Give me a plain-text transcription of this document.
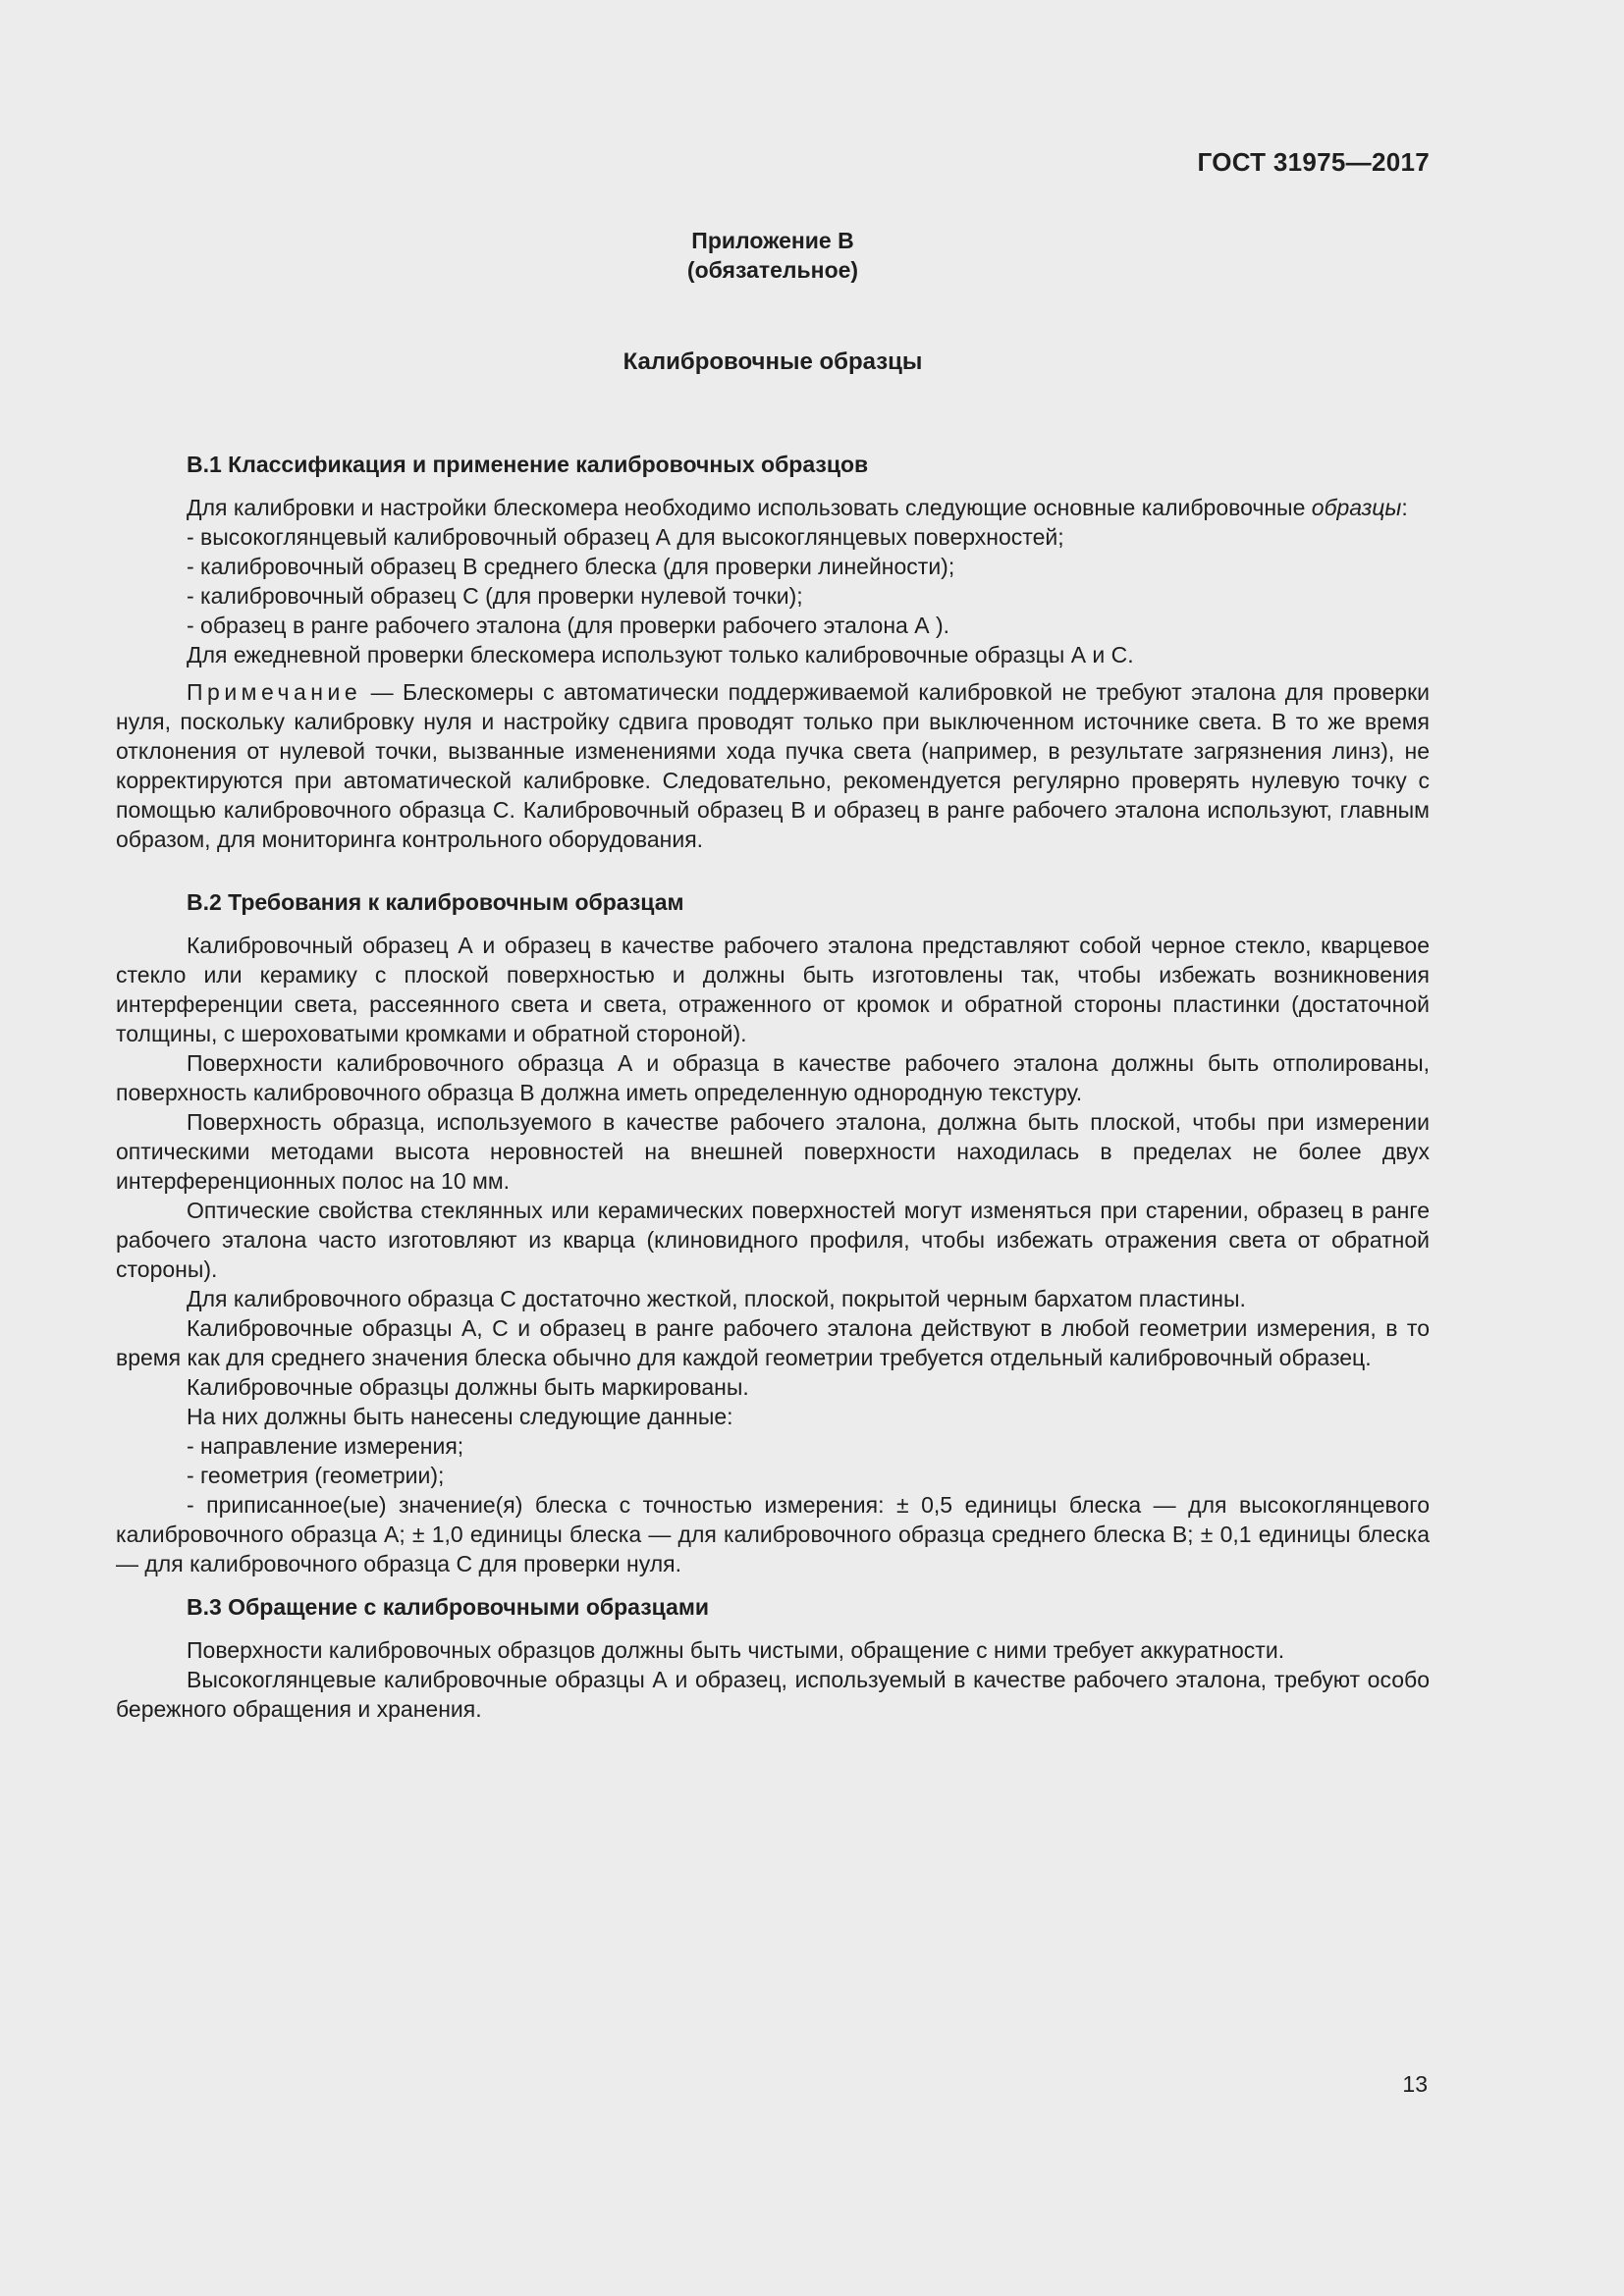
ГОСТ 31975—2017
Приложение В
(обязательное)
Калибровочные образцы
В.1 Классификация и применение калибровочных образцов

Для калибровки и настройки блескомера необходимо использовать следующие основные калибровочные образцы:

- высокоглянцевый калибровочный образец А для высокоглянцевых поверхностей;

- калибровочный образец В среднего блеска (для проверки линейности);

- калибровочный образец С (для проверки нулевой точки);

- образец в ранге рабочего эталона (для проверки рабочего эталона А ).

Для ежедневной проверки блескомера используют только калибровочные образцы А и С.

Примечание — Блескомеры с автоматически поддерживаемой калибровкой не требуют эталона для проверки нуля, поскольку калибровку нуля и настройку сдвига проводят только при выключенном источнике света. В то же время отклонения от нулевой точки, вызванные изменениями хода пучка света (например, в результате загрязнения линз), не корректируются при автоматической калибровке. Следовательно, рекомендуется регулярно проверять нулевую точку с помощью калибровочного образца С. Калибровочный образец В и образец в ранге рабочего эталона используют, главным образом, для мониторинга контрольного оборудования.

В.2 Требования к калибровочным образцам

Калибровочный образец А и образец в качестве рабочего эталона представляют собой черное стекло, кварцевое стекло или керамику с плоской поверхностью и должны быть изготовлены так, чтобы избежать возникновения интерференции света, рассеянного света и света, отраженного от кромок и обратной стороны пластинки (достаточной толщины, с шероховатыми кромками и обратной стороной).

Поверхности калибровочного образца А и образца в качестве рабочего эталона должны быть отполированы, поверхность калибровочного образца В должна иметь определенную однородную текстуру.

Поверхность образца, используемого в качестве рабочего эталона, должна быть плоской, чтобы при измерении оптическими методами высота неровностей на внешней поверхности находилась в пределах не более двух интерференционных полос на 10 мм.

Оптические свойства стеклянных или керамических поверхностей могут изменяться при старении, образец в ранге рабочего эталона часто изготовляют из кварца (клиновидного профиля, чтобы избежать отражения света от обратной стороны).

Для калибровочного образца С достаточно жесткой, плоской, покрытой черным бархатом пластины.

Калибровочные образцы А, С и образец в ранге рабочего эталона действуют в любой геометрии измерения, в то время как для среднего значения блеска обычно для каждой геометрии требуется отдельный калибровочный образец.

Калибровочные образцы должны быть маркированы.

На них должны быть нанесены следующие данные:

- направление измерения;

- геометрия (геометрии);

- приписанное(ые) значение(я) блеска с точностью измерения: ± 0,5 единицы блеска — для высокоглянцевого калибровочного образца А; ± 1,0 единицы блеска — для калибровочного образца среднего блеска В; ± 0,1 единицы блеска — для калибровочного образца С для проверки нуля.

В.3 Обращение с калибровочными образцами

Поверхности калибровочных образцов должны быть чистыми, обращение с ними требует аккуратности.

Высокоглянцевые калибровочные образцы А и образец, используемый в качестве рабочего эталона, требуют особо бережного обращения и хранения.

13
